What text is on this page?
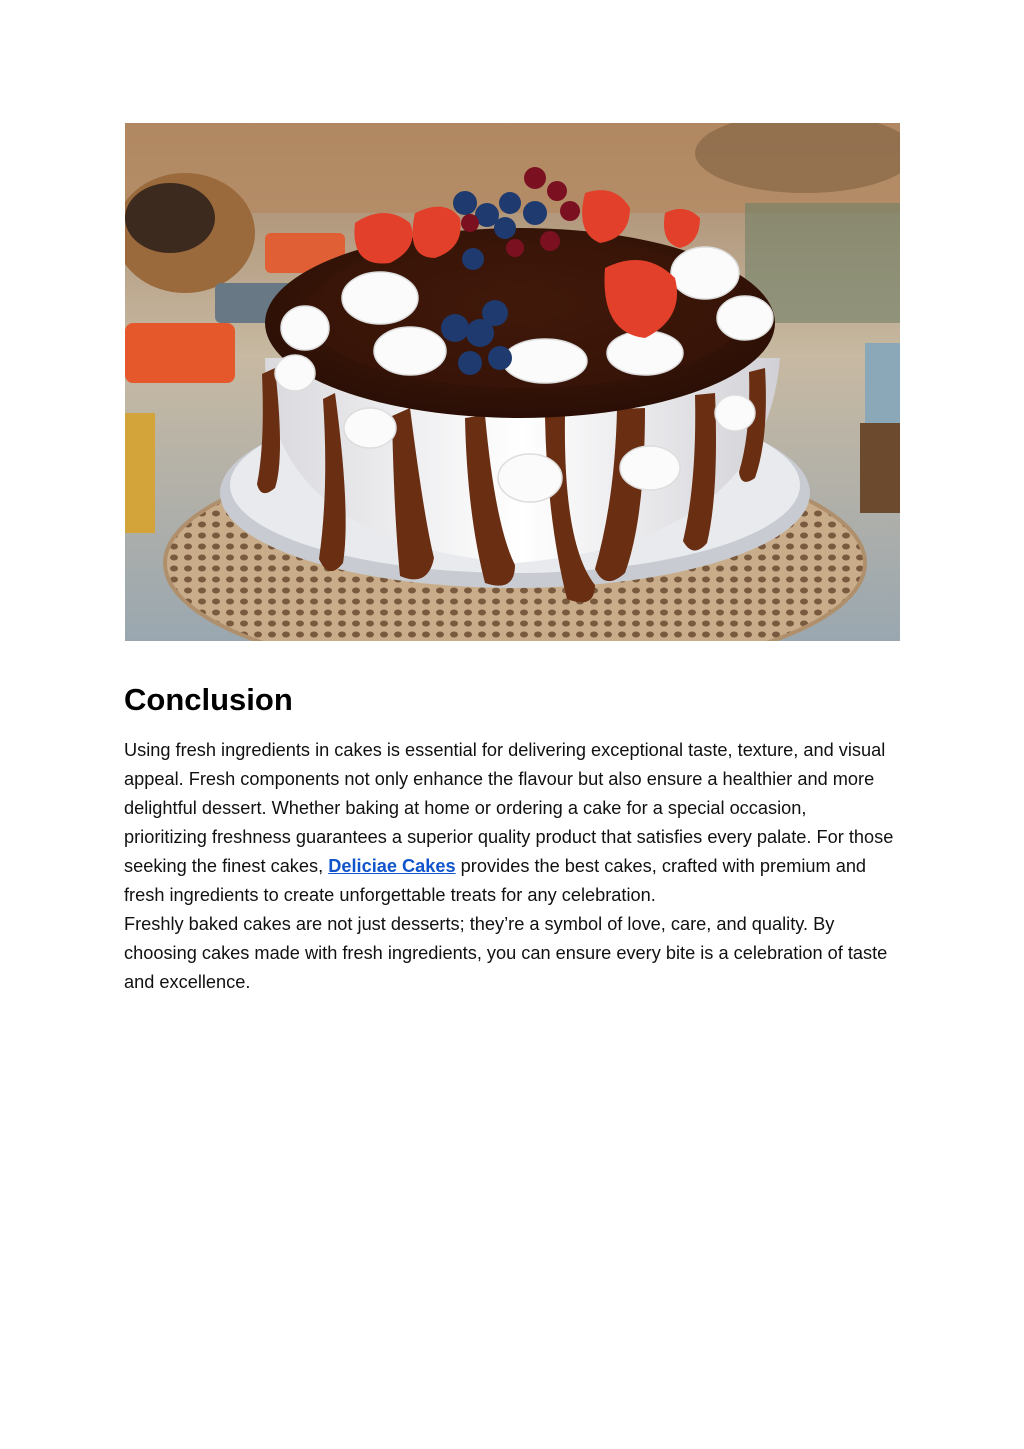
Conclusion

Using fresh ingredients in cakes is essential for delivering exceptional taste, texture, and visual appeal. Fresh components not only enhance the flavour but also ensure a healthier and more delightful dessert. Whether baking at home or ordering a cake for a special occasion, prioritizing freshness guarantees a superior quality product that satisfies every palate. For those seeking the finest cakes, Deliciae Cakes provides the best cakes, crafted with premium and fresh ingredients to create unforgettable treats for any celebration.

Freshly baked cakes are not just desserts; they’re a symbol of love, care, and quality. By choosing cakes made with fresh ingredients, you can ensure every bite is a celebration of taste and excellence.
